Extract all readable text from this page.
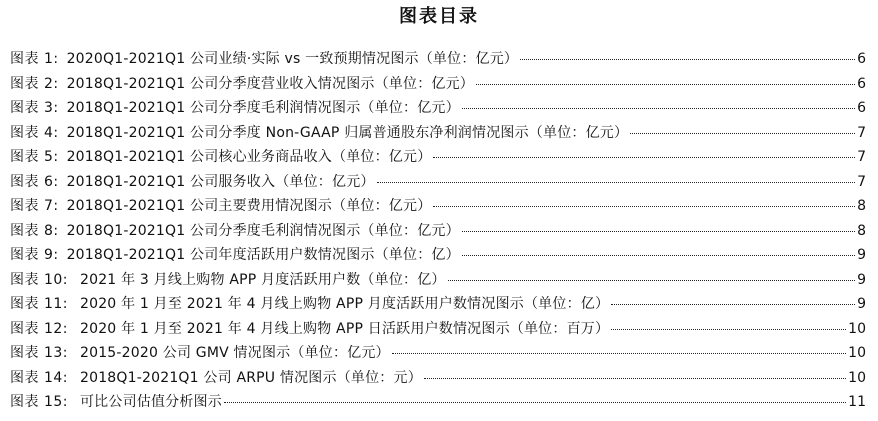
图表目录
图表 1: 2020Q1-2021Q1 公司业绩·实际 vs 一致预期情况图示（单位：亿元）	6
图表 2: 2018Q1-2021Q1 公司分季度营业收入情况图示（单位：亿元）	6
图表 3: 2018Q1-2021Q1 公司分季度毛利润情况图示（单位：亿元）	6
图表 4: 2018Q1-2021Q1 公司分季度 Non-GAAP 归属普通股东净利润情况图示（单位：亿元）	7
图表 5: 2018Q1-2021Q1 公司核心业务商品收入（单位：亿元）	7
图表 6: 2018Q1-2021Q1 公司服务收入（单位：亿元）	7
图表 7: 2018Q1-2021Q1 公司主要费用情况图示（单位：亿元）	8
图表 8: 2018Q1-2021Q1 公司分季度毛利润情况图示（单位：亿元）	8
图表 9: 2018Q1-2021Q1 公司年度活跃用户数情况图示（单位：亿）	9
图表 10: 2021 年 3 月线上购物 APP 月度活跃用户数（单位：亿）	9
图表 11: 2020 年 1 月至 2021 年 4 月线上购物 APP 月度活跃用户数情况图示（单位：亿）	9
图表 12: 2020 年 1 月至 2021 年 4 月线上购物 APP 日活跃用户数情况图示（单位：百万）	10
图表 13: 2015-2020 公司 GMV 情况图示（单位：亿元）	10
图表 14: 2018Q1-2021Q1 公司 ARPU 情况图示（单位：元）	10
图表 15: 可比公司估值分析图示	11
